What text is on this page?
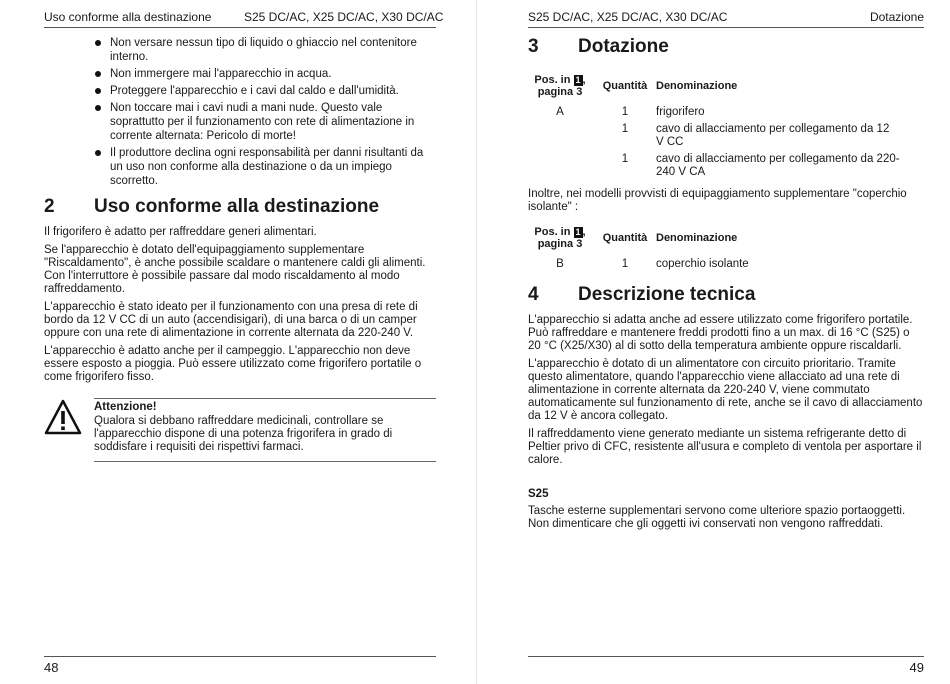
Uso conforme alla destinazione	S25 DC/AC, X25 DC/AC, X30 DC/AC
Non versare nessun tipo di liquido o ghiaccio nel contenitore interno.
Non immergere mai l'apparecchio in acqua.
Proteggere l'apparecchio e i cavi dal caldo e dall'umidità.
Non toccare mai i cavi nudi a mani nude. Questo vale soprattutto per il funzionamento con rete di alimentazione in corrente alternata: Pericolo di morte!
Il produttore declina ogni responsabilità per danni risultanti da un uso non conforme alla destinazione o da un impiego scorretto.
2 Uso conforme alla destinazione

Il frigorifero è adatto per raffreddare generi alimentari.

Se l'apparecchio è dotato dell'equipaggiamento supplementare "Riscaldamento", è anche possibile scaldare o mantenere caldi gli alimenti. Con l'interruttore è possibile passare dal modo riscaldamento al modo raffreddamento.

L'apparecchio è stato ideato per il funzionamento con una presa di rete di bordo da 12 V CC di un auto (accendisigari), di una barca o di un camper oppure con una rete di alimentazione in corrente alternata da 220-240 V.

L'apparecchio è adatto anche per il campeggio. L'apparecchio non deve essere esposto a pioggia. Può essere utilizzato come frigorifero portatile o come frigorifero fisso.

Attenzione!
Qualora si debbano raffreddare medicinali, controllare se l'apparecchio dispone di una potenza frigorifera in grado di soddisfare i requisiti dei rispettivi farmaci.
48
S25 DC/AC, X25 DC/AC, X30 DC/AC	Dotazione
3 Dotazione
Pos. in 1 ,
pagina 3	Quantità	Denominazione

A	1	frigorifero
	1	cavo di allacciamento per collegamento da 12 V CC
	1	cavo di allacciamento per collegamento da 220-240 V CA
Inoltre, nei modelli provvisti di equipaggiamento supplementare "coperchio isolante" :
Pos. in 1 ,
pagina 3	Quantità	Denominazione

B	1	coperchio isolante
4 Descrizione tecnica

L'apparecchio si adatta anche ad essere utilizzato come frigorifero portatile. Può raffreddare e mantenere freddi prodotti fino a un max. di 16 °C (S25) o 20 °C (X25/X30) al di sotto della temperatura ambiente oppure riscaldarli.

L'apparecchio è dotato di un alimentatore con circuito prioritario. Tramite questo alimentatore, quando l'apparecchio viene allacciato ad una rete di alimentazione in corrente alternata da 220-240 V, viene commutato automaticamente sul funzionamento di rete, anche se il cavo di allacciamento da 12 V è ancora collegato.

Il raffreddamento viene generato mediante un sistema refrigerante detto di Peltier privo di CFC, resistente all'usura e completo di ventola per asportare il calore.

S25
Tasche esterne supplementari servono come ulteriore spazio portaoggetti. Non dimenticare che gli oggetti ivi conservati non vengono raffreddati.
49
